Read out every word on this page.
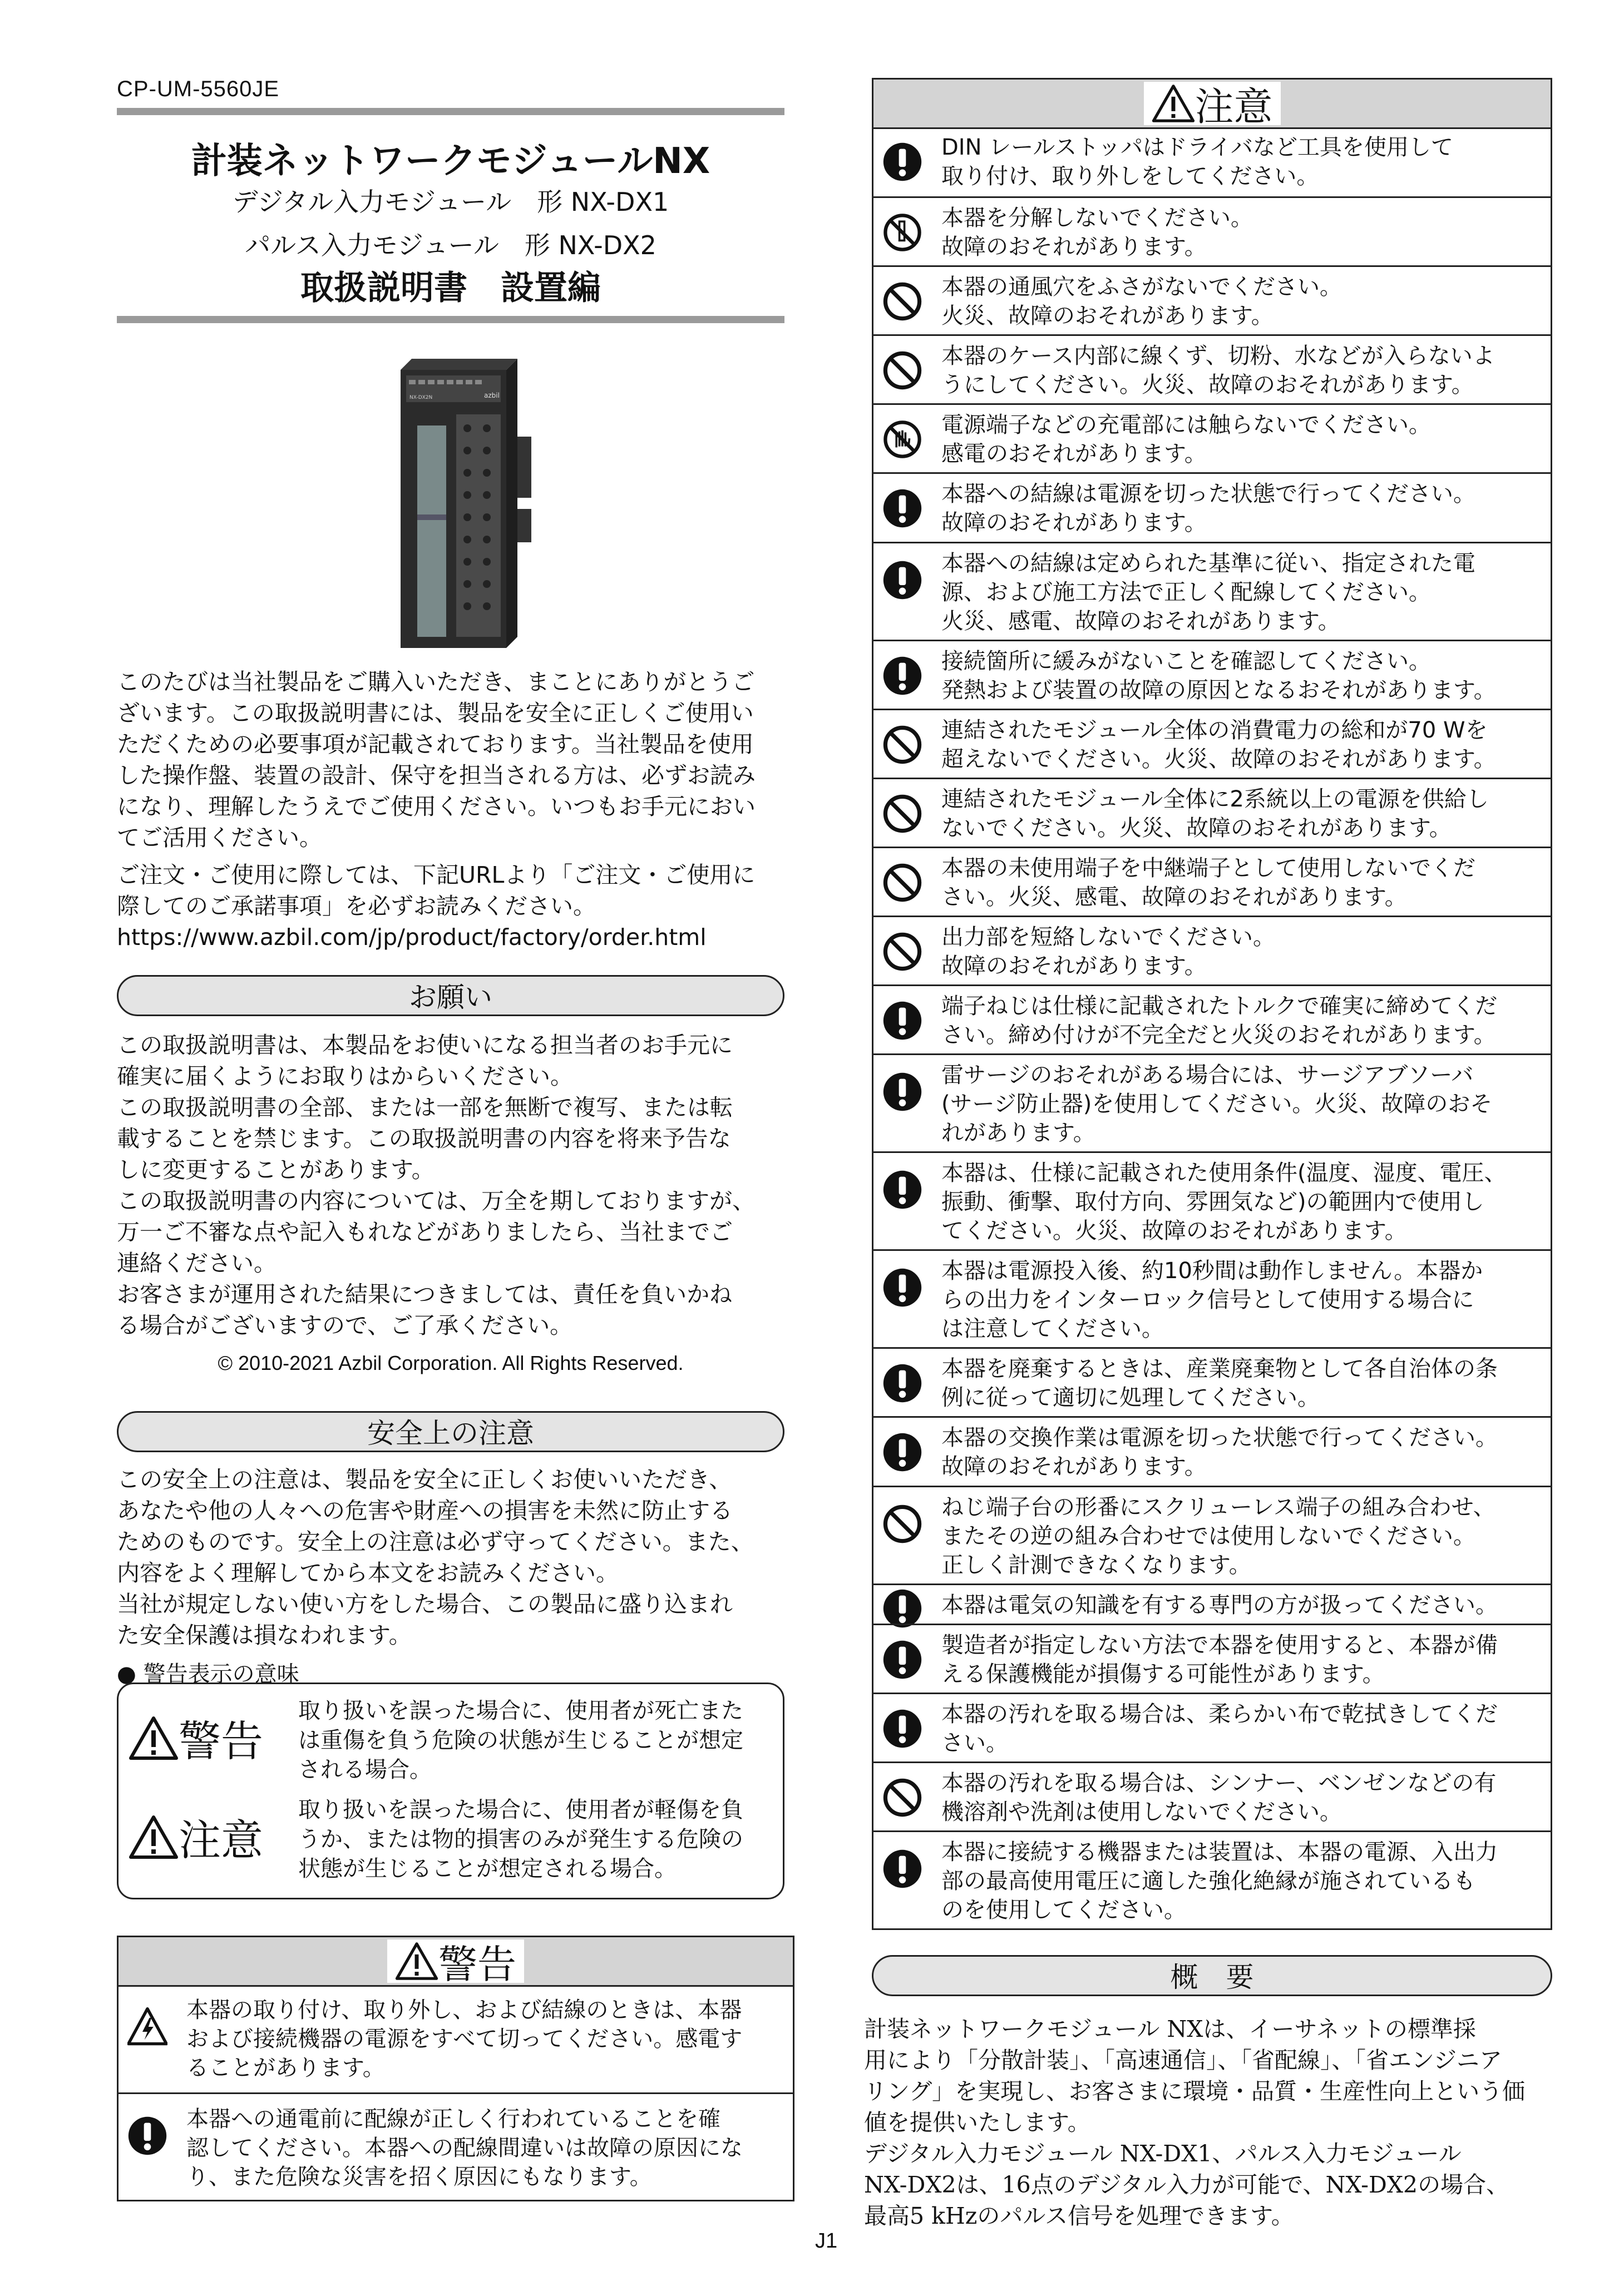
CP-UM-5560JE
計装ネットワークモジュールNX
デジタル入力モジュール　形 NX-DX1
パルス入力モジュール　形 NX-DX2
取扱説明書　設置編
azbil
NX-DX2N
このたびは当社製品をご購入いただき、まことにありがとうご
ざいます。この取扱説明書には、製品を安全に正しくご使用い
ただくための必要事項が記載されております。当社製品を使用
した操作盤、装置の設計、保守を担当される方は、必ずお読み
になり、理解したうえでご使用ください。いつもお手元におい
てご活用ください。
ご注文・ご使用に際しては、下記URLより「ご注文・ご使用に
際してのご承諾事項」を必ずお読みください。
https://www.azbil.com/jp/product/factory/order.html
お願い
この取扱説明書は、本製品をお使いになる担当者のお手元に
確実に届くようにお取りはからいください。
この取扱説明書の全部、または一部を無断で複写、または転
載することを禁じます。この取扱説明書の内容を将来予告な
しに変更することがあります。
この取扱説明書の内容については、万全を期しておりますが、
万一ご不審な点や記入もれなどがありましたら、当社までご
連絡ください。
お客さまが運用された結果につきましては、責任を負いかね
る場合がございますので、ご了承ください。
© 2010-2021 Azbil Corporation. All Rights Reserved.
安全上の注意
この安全上の注意は、製品を安全に正しくお使いいただき、
あなたや他の人々への危害や財産への損害を未然に防止する
ためのものです。安全上の注意は必ず守ってください。また、
内容をよく理解してから本文をお読みください。
当社が規定しない使い方をした場合、この製品に盛り込まれ
た安全保護は損なわれます。
● 警告表示の意味
警告
取り扱いを誤った場合に、使用者が死亡また
は重傷を負う危険の状態が生じることが想定
される場合。
注意
取り扱いを誤った場合に、使用者が軽傷を負
うか、または物的損害のみが発生する危険の
状態が生じることが想定される場合。
警告
本器の取り付け、取り外し、および結線のときは、本器
および接続機器の電源をすべて切ってください。感電す
ることがあります。
本器への通電前に配線が正しく行われていることを確
認してください。本器への配線間違いは故障の原因にな
り、また危険な災害を招く原因にもなります。
注意
DIN レールストッパはドライバなど工具を使用して
取り付け、取り外しをしてください。
本器を分解しないでください。
故障のおそれがあります。
本器の通風穴をふさがないでください。
火災、故障のおそれがあります。
本器のケース内部に線くず、切粉、水などが入らないよ
うにしてください。火災、故障のおそれがあります。
電源端子などの充電部には触らないでください。
感電のおそれがあります。
本器への結線は電源を切った状態で行ってください。
故障のおそれがあります。
本器への結線は定められた基準に従い、指定された電
源、および施工方法で正しく配線してください。
火災、感電、故障のおそれがあります。
接続箇所に緩みがないことを確認してください。
発熱および装置の故障の原因となるおそれがあります。
連結されたモジュール全体の消費電力の総和が70 Wを
超えないでください。火災、故障のおそれがあります。
連結されたモジュール全体に2系統以上の電源を供給し
ないでください。火災、故障のおそれがあります。
本器の未使用端子を中継端子として使用しないでくだ
さい。火災、感電、故障のおそれがあります。
出力部を短絡しないでください。
故障のおそれがあります。
端子ねじは仕様に記載されたトルクで確実に締めてくだ
さい。締め付けが不完全だと火災のおそれがあります。
雷サージのおそれがある場合には、サージアブソーバ
(サージ防止器)を使用してください。火災、故障のおそ
れがあります。
本器は、仕様に記載された使用条件(温度、湿度、電圧、
振動、衝撃、取付方向、雰囲気など)の範囲内で使用し
てください。火災、故障のおそれがあります。
本器は電源投入後、約10秒間は動作しません。本器か
らの出力をインターロック信号として使用する場合に
は注意してください。
本器を廃棄するときは、産業廃棄物として各自治体の条
例に従って適切に処理してください。
本器の交換作業は電源を切った状態で行ってください。
故障のおそれがあります。
ねじ端子台の形番にスクリューレス端子の組み合わせ、
またその逆の組み合わせでは使用しないでください。
正しく計測できなくなります。
本器は電気の知識を有する専門の方が扱ってください。
製造者が指定しない方法で本器を使用すると、本器が備
える保護機能が損傷する可能性があります。
本器の汚れを取る場合は、柔らかい布で乾拭きしてくだ
さい。
本器の汚れを取る場合は、シンナー、ベンゼンなどの有
機溶剤や洗剤は使用しないでください。
本器に接続する機器または装置は、本器の電源、入出力
部の最高使用電圧に適した強化絶縁が施されているも
のを使用してください。
概　要
計装ネットワークモジュール NXは、イーサネットの標準採
用により「分散計装」、「高速通信」、「省配線」、「省エンジニア
リング」を実現し、お客さまに環境・品質・生産性向上という価
値を提供いたします。
デジタル入力モジュール NX-DX1、パルス入力モジュール
NX-DX2は、16点のデジタル入力が可能で、NX-DX2の場合、
最高5 kHzのパルス信号を処理できます。
J1
